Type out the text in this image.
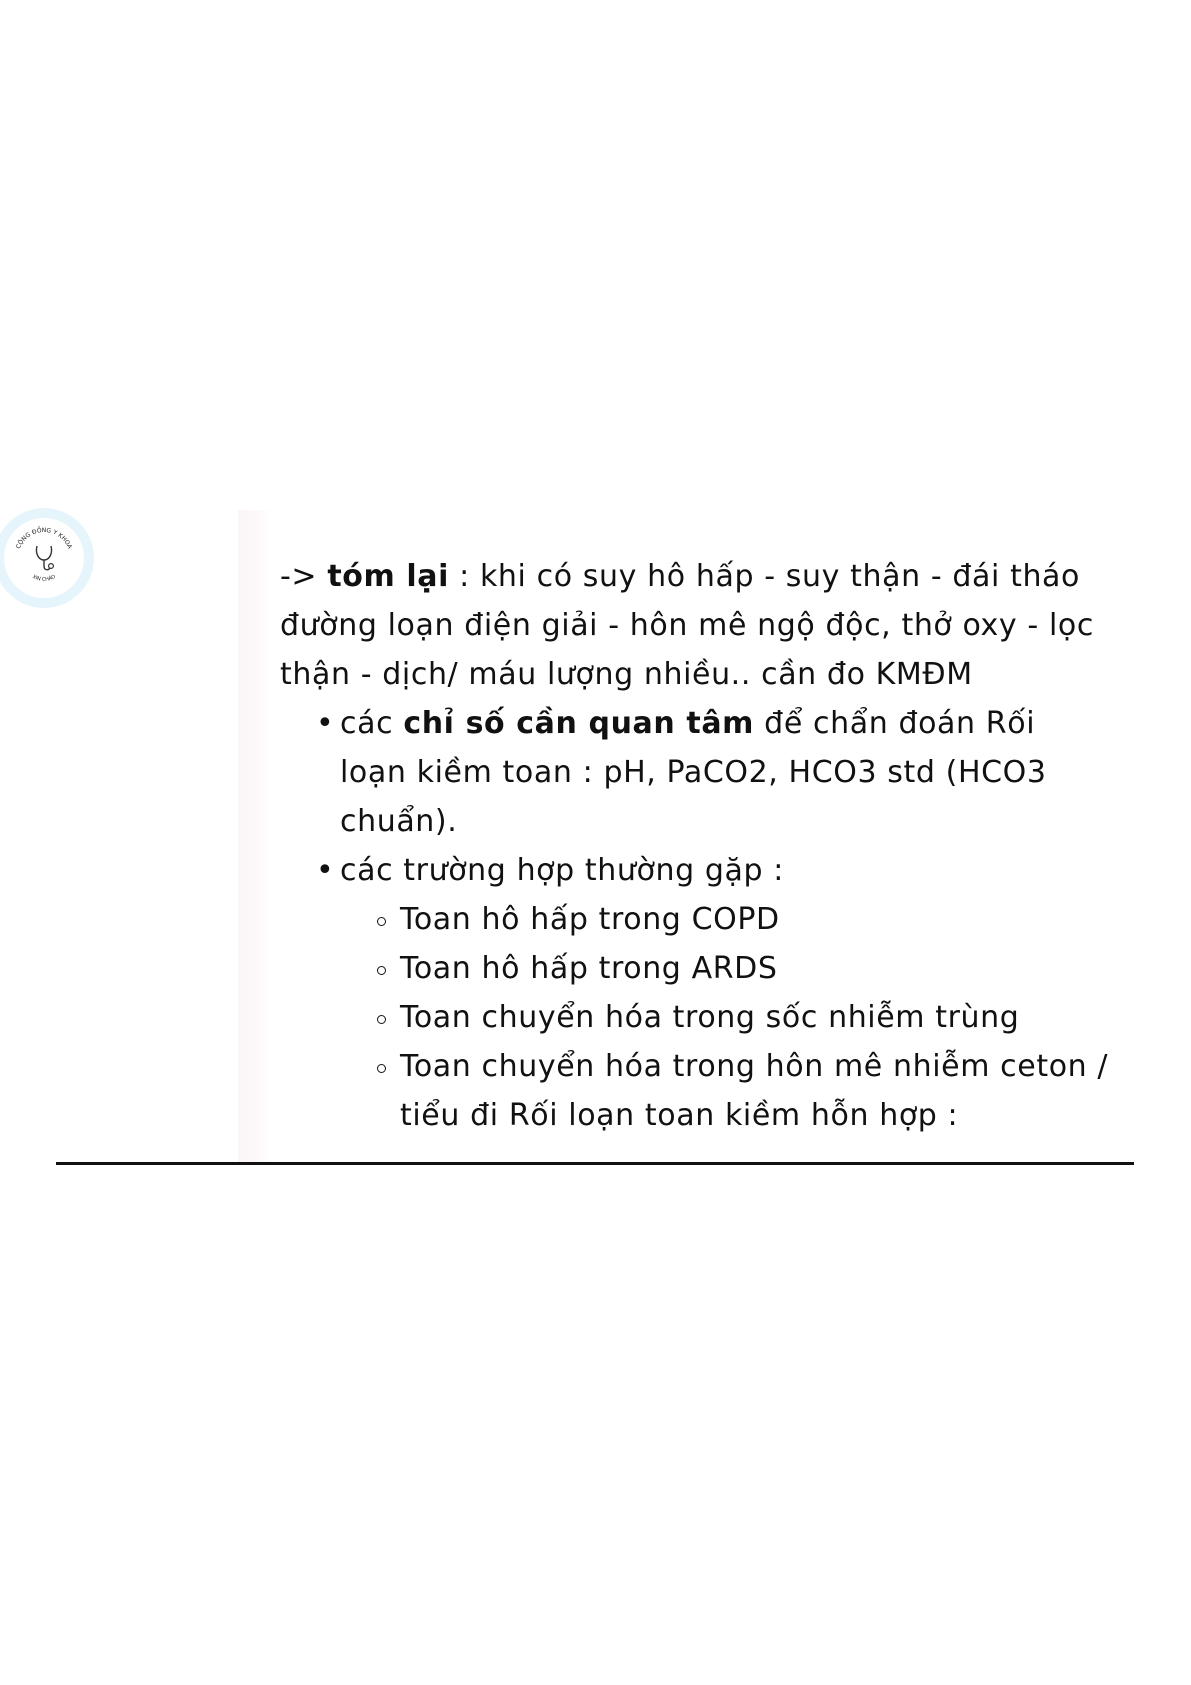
CỘNG ĐỒNG Y KHOA
XIN CHÀO	-> tóm lại : khi có suy hô hấp - suy thận - đái tháo đường loạn điện giải - hôn mê ngộ độc, thở oxy - lọc thận - dịch/ máu lượng nhiều.. cần đo KMĐM

• các chỉ số cần quan tâm để chẩn đoán Rối loạn kiềm toan : pH, PaCO2, HCO3 std (HCO3 chuẩn).
• các trường hợp thường gặp :
Toan hô hấp trong COPD
Toan hô hấp trong ARDS
Toan chuyển hóa trong sốc nhiễm trùng
Toan chuyển hóa trong hôn mê nhiễm ceton / tiểu đi Rối loạn toan kiềm hỗn hợp :
